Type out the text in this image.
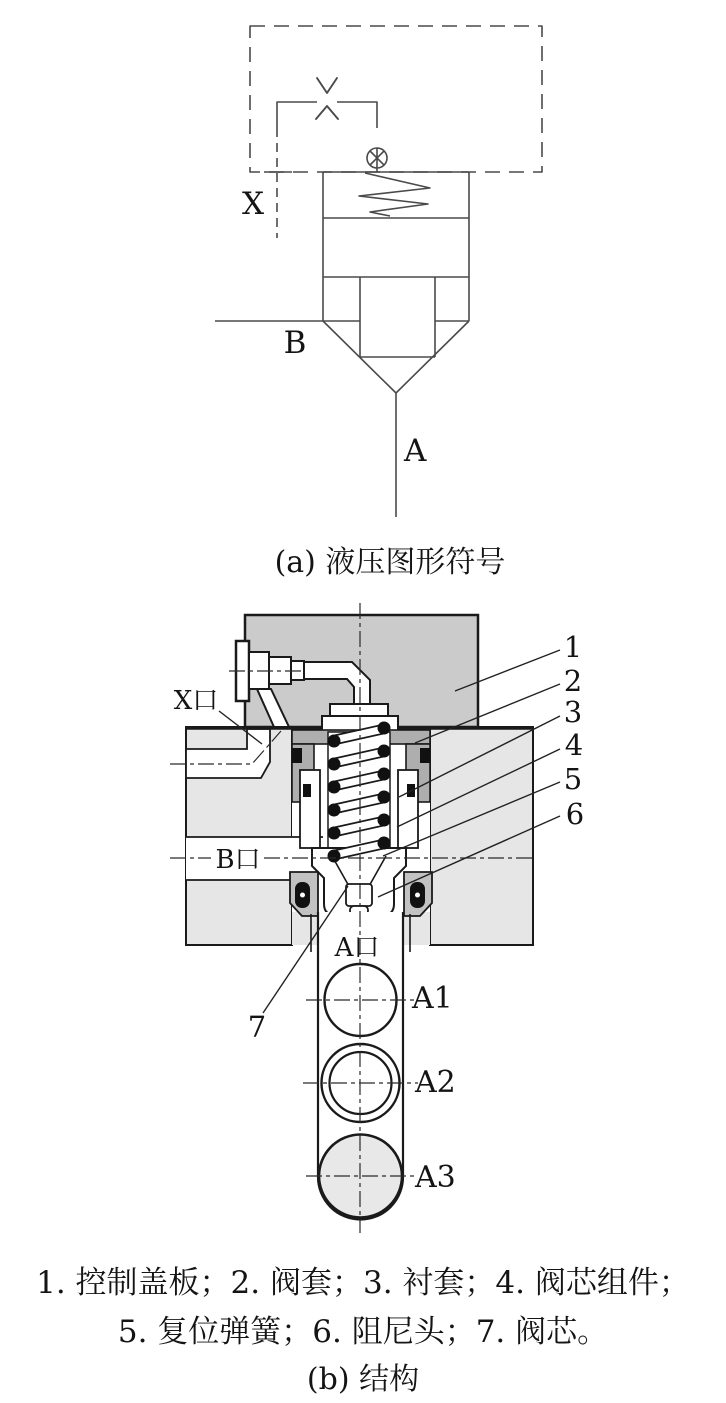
X
B
A
(a) 液压图形符号
X口
B口
A口
A1
A2
A3
1
2
3
4
5
6
7
1. 控制盖板；2. 阀套；3. 衬套；4. 阀芯组件；
5. 复位弹簧；6. 阻尼头；7. 阀芯。
(b) 结构
